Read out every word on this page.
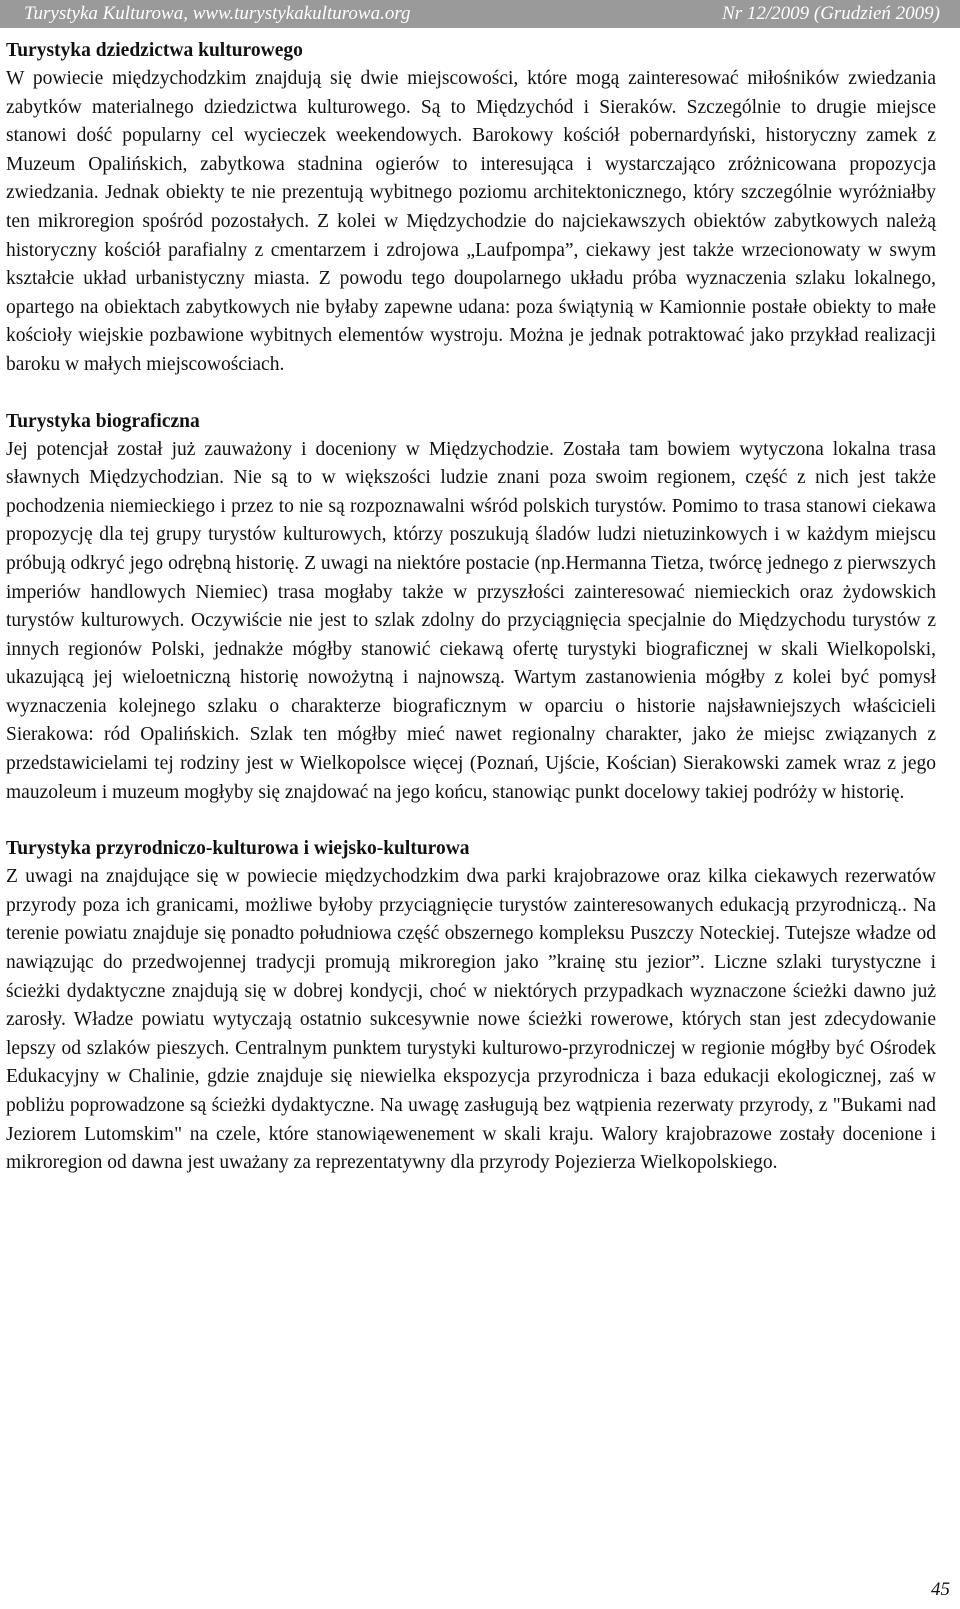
Turystyka Kulturowa, www.turystykakulturowa.org	Nr 12/2009 (Grudzień 2009)
Turystyka dziedzictwa kulturowego

W powiecie międzychodzkim znajdują się dwie miejscowości, które mogą zainteresować miłośników zwiedzania zabytków materialnego dziedzictwa kulturowego. Są to Międzychód i Sieraków. Szczególnie to drugie miejsce stanowi dość popularny cel wycieczek weekendowych. Barokowy kościół pobernardyński, historyczny zamek z Muzeum Opalińskich, zabytkowa stadnina ogierów to interesująca i wystarczająco zróżnicowana propozycja zwiedzania. Jednak obiekty te nie prezentują wybitnego poziomu architektonicznego, który szczególnie wyróżniałby ten mikroregion spośród pozostałych. Z kolei w Międzychodzie do najciekawszych obiektów zabytkowych należą historyczny kościół parafialny z cmentarzem i zdrojowa „Laufpompa”, ciekawy jest także wrzecionowaty w swym kształcie układ urbanistyczny miasta. Z powodu tego doupolarnego układu próba wyznaczenia szlaku lokalnego, opartego na obiektach zabytkowych nie byłaby zapewne udana: poza świątynią w Kamionnie postałe obiekty to małe kościoły wiejskie pozbawione wybitnych elementów wystroju. Można je jednak potraktować jako przykład realizacji baroku w małych miejscowościach.

Turystyka biograficzna

Jej potencjał został już zauważony i doceniony w Międzychodzie. Została tam bowiem wytyczona lokalna trasa sławnych Międzychodzian. Nie są to w większości ludzie znani poza swoim regionem, część z nich jest także pochodzenia niemieckiego i przez to nie są rozpoznawalni wśród polskich turystów. Pomimo to trasa stanowi ciekawa propozycję dla tej grupy turystów kulturowych, którzy poszukują śladów ludzi nietuzinkowych i w każdym miejscu próbują odkryć jego odrębną historię. Z uwagi na niektóre postacie (np.Hermanna Tietza, twórcę jednego z pierwszych imperiów handlowych Niemiec) trasa mogłaby także w przyszłości zainteresować niemieckich oraz żydowskich turystów kulturowych. Oczywiście nie jest to szlak zdolny do przyciągnięcia specjalnie do Międzychodu turystów z innych regionów Polski, jednakże mógłby stanowić ciekawą ofertę turystyki biograficznej w skali Wielkopolski, ukazującą jej wieloetniczną historię nowożytną i najnowszą. Wartym zastanowienia mógłby z kolei być pomysł wyznaczenia kolejnego szlaku o charakterze biograficznym w oparciu o historie najsławniejszych właścicieli Sierakowa: ród Opalińskich. Szlak ten mógłby mieć nawet regionalny charakter, jako że miejsc związanych z przedstawicielami tej rodziny jest w Wielkopolsce więcej (Poznań, Ujście, Kościan) Sierakowski zamek wraz z jego mauzoleum i muzeum mogłyby się znajdować na jego końcu, stanowiąc punkt docelowy takiej podróży w historię.

Turystyka przyrodniczo-kulturowa i wiejsko-kulturowa

Z uwagi na znajdujące się w powiecie międzychodzkim dwa parki krajobrazowe oraz kilka ciekawych rezerwatów przyrody poza ich granicami, możliwe byłoby przyciągnięcie turystów zainteresowanych edukacją przyrodniczą.. Na terenie powiatu znajduje się ponadto południowa część obszernego kompleksu Puszczy Noteckiej. Tutejsze władze od nawiązując do przedwojennej tradycji promują mikroregion jako ”krainę stu jezior”. Liczne szlaki turystyczne i ścieżki dydaktyczne znajdują się w dobrej kondycji, choć w niektórych przypadkach wyznaczone ścieżki dawno już zarosły. Władze powiatu wytyczają ostatnio sukcesywnie nowe ścieżki rowerowe, których stan jest zdecydowanie lepszy od szlaków pieszych. Centralnym punktem turystyki kulturowo-przyrodniczej w regionie mógłby być Ośrodek Edukacyjny w Chalinie, gdzie znajduje się niewielka ekspozycja przyrodnicza i baza edukacji ekologicznej, zaś w pobliżu poprowadzone są ścieżki dydaktyczne. Na uwagę zasługują bez wątpienia rezerwaty przyrody, z "Bukami nad Jeziorem Lutomskim" na czele, które stanowiąewenement w skali kraju. Walory krajobrazowe zostały docenione i mikroregion od dawna jest uważany za reprezentatywny dla przyrody Pojezierza Wielkopolskiego.

45
